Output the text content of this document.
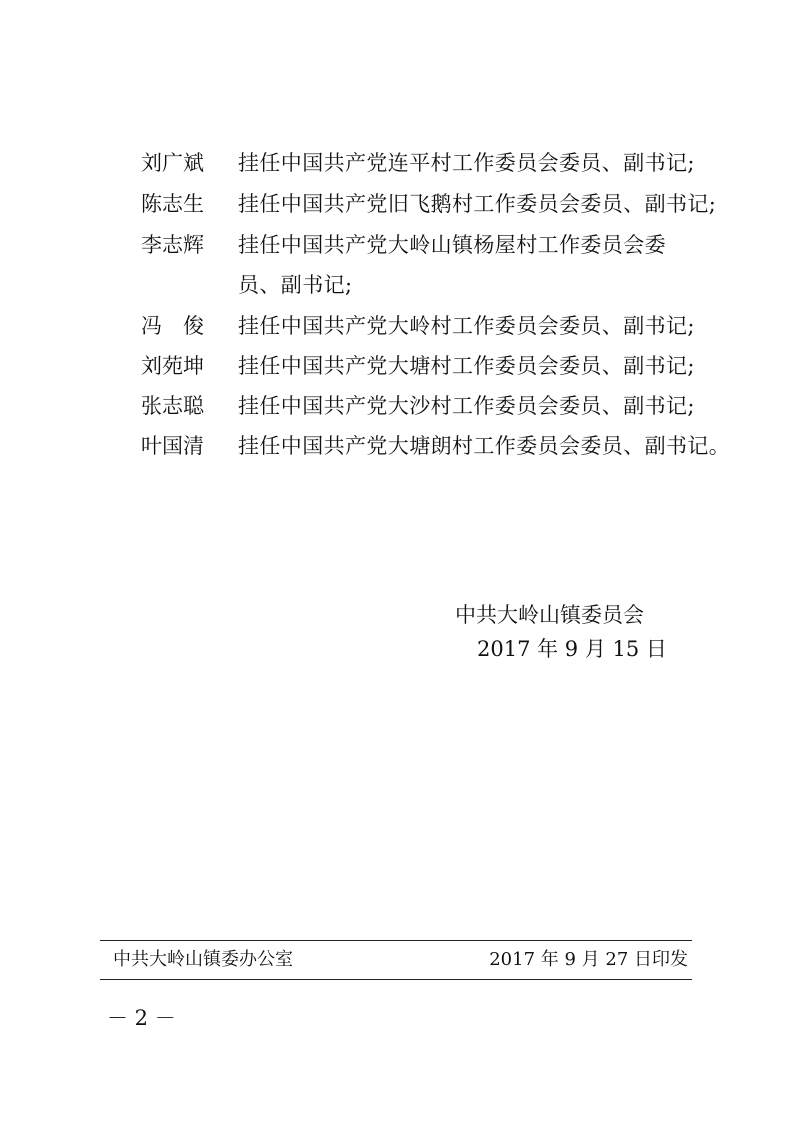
刘广斌	挂任中国共产党连平村工作委员会委员、副书记;
陈志生	挂任中国共产党旧飞鹅村工作委员会委员、副书记;
李志辉	挂任中国共产党大岭山镇杨屋村工作委员会委
员、副书记;
冯　俊	挂任中国共产党大岭村工作委员会委员、副书记;
刘苑坤	挂任中国共产党大塘村工作委员会委员、副书记;
张志聪	挂任中国共产党大沙村工作委员会委员、副书记;
叶国清	挂任中国共产党大塘朗村工作委员会委员、副书记。
中共大岭山镇委员会
2017 年 9 月 15 日
中共大岭山镇委办公室	2017 年 9 月 27 日印发
－ 2 －
